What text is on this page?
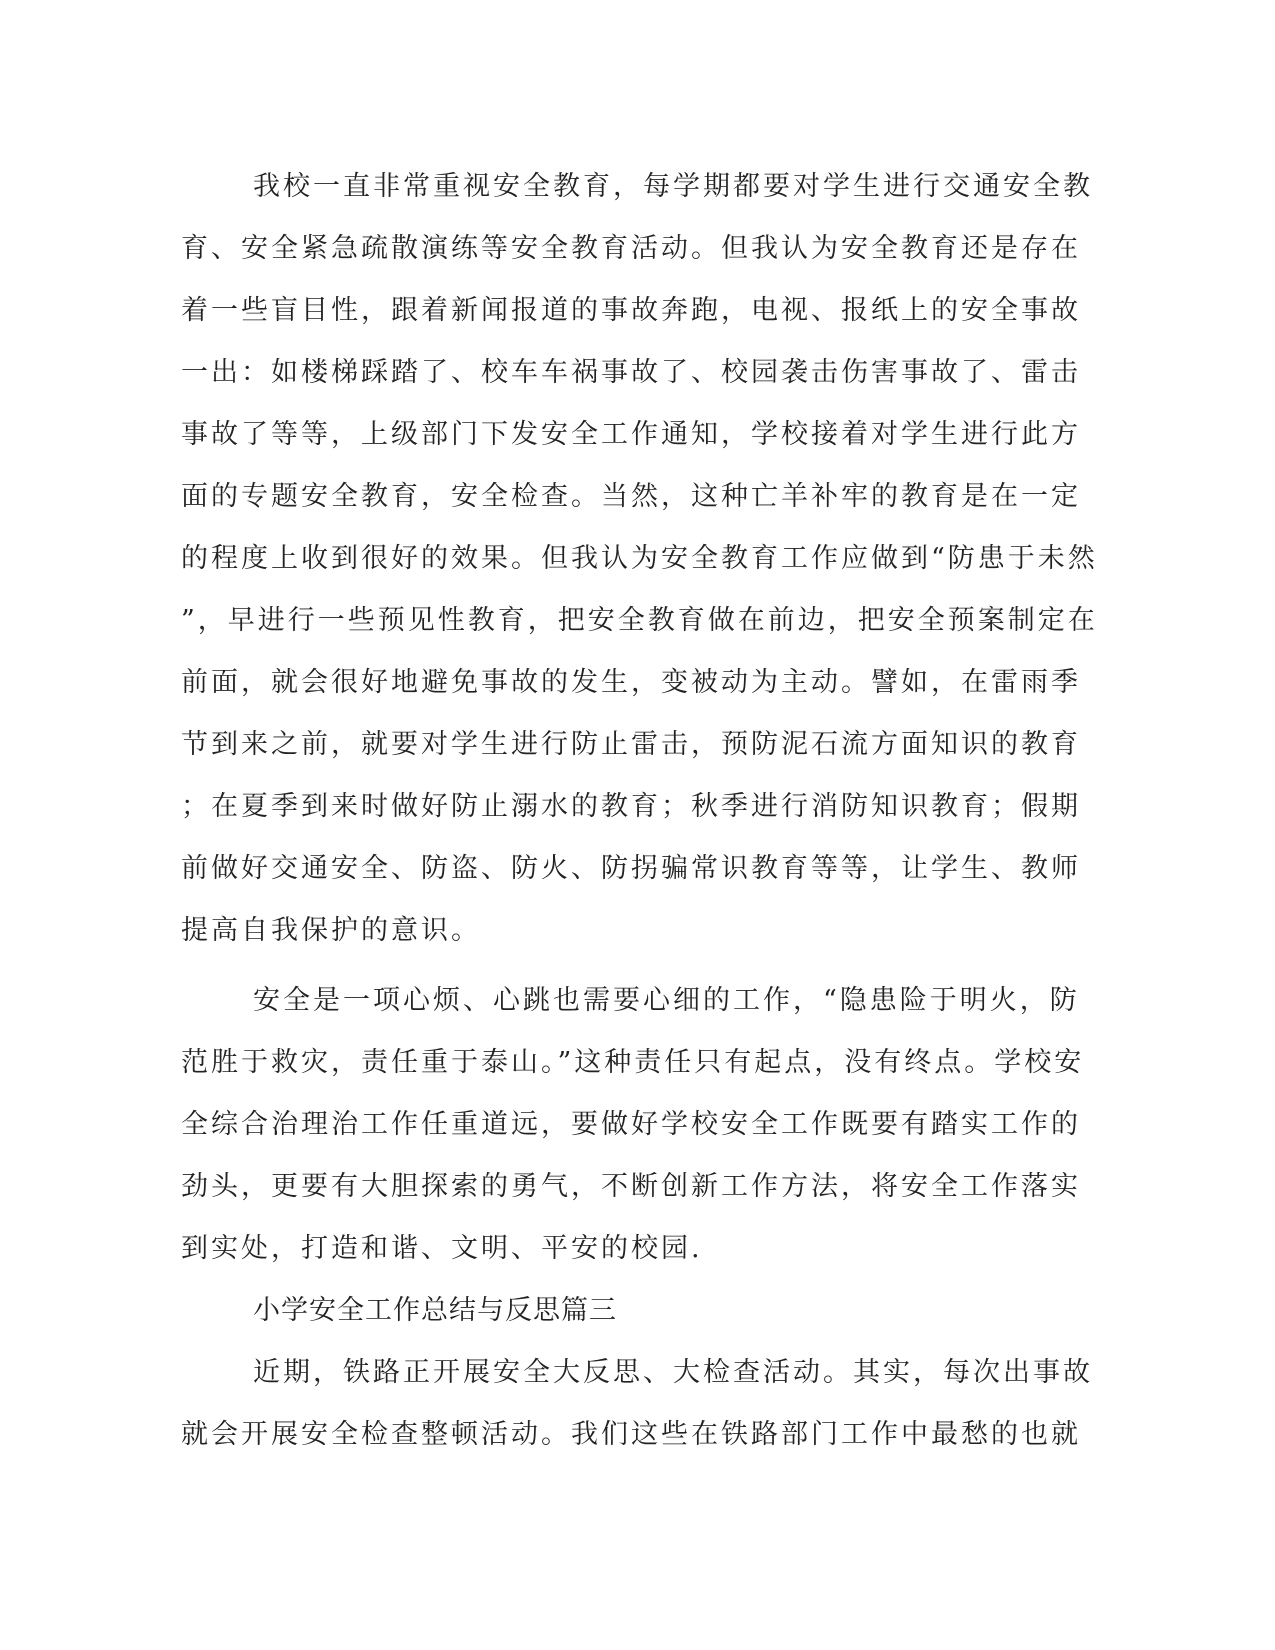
我校一直非常重视安全教育，每学期都要对学生进行交通安全教
育、安全紧急疏散演练等安全教育活动。但我认为安全教育还是存在
着一些盲目性，跟着新闻报道的事故奔跑，电视、报纸上的安全事故
一出：如楼梯踩踏了、校车车祸事故了、校园袭击伤害事故了、雷击
事故了等等，上级部门下发安全工作通知，学校接着对学生进行此方
面的专题安全教育，安全检查。当然，这种亡羊补牢的教育是在一定
的程度上收到很好的效果。但我认为安全教育工作应做到“防患于未然
”，早进行一些预见性教育，把安全教育做在前边，把安全预案制定在
前面，就会很好地避免事故的发生，变被动为主动。譬如，在雷雨季
节到来之前，就要对学生进行防止雷击，预防泥石流方面知识的教育
；在夏季到来时做好防止溺水的教育；秋季进行消防知识教育；假期
前做好交通安全、防盗、防火、防拐骗常识教育等等，让学生、教师
提高自我保护的意识。
安全是一项心烦、心跳也需要心细的工作，“隐患险于明火，防
范胜于救灾，责任重于泰山。”这种责任只有起点，没有终点。学校安
全综合治理治工作任重道远，要做好学校安全工作既要有踏实工作的
劲头，更要有大胆探索的勇气，不断创新工作方法，将安全工作落实
到实处，打造和谐、文明、平安的校园.
小学安全工作总结与反思篇三
近期，铁路正开展安全大反思、大检查活动。其实，每次出事故
就会开展安全检查整顿活动。我们这些在铁路部门工作中最愁的也就
